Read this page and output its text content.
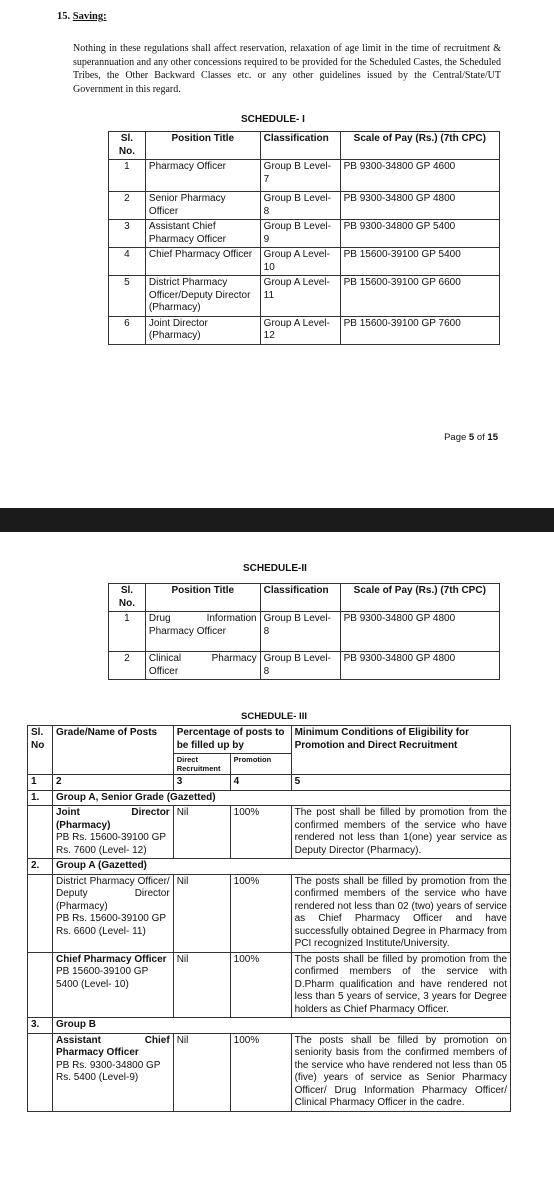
15. Saving:

Nothing in these regulations shall affect reservation, relaxation of age limit in the time of recruitment & superannuation and any other concessions required to be provided for the Scheduled Castes, the Scheduled Tribes, the Other Backward Classes etc. or any other guidelines issued by the Central/State/UT Government in this regard.

SCHEDULE- I
Sl. No.	Position Title	Classification	Scale of Pay (Rs.) (7th CPC)
1	Pharmacy Officer	Group B Level- 7	PB 9300-34800 GP 4600
2	Senior Pharmacy Officer	Group B Level- 8	PB 9300-34800 GP 4800
3	Assistant Chief Pharmacy Officer	Group B Level- 9	PB 9300-34800 GP 5400
4	Chief Pharmacy Officer	Group A Level- 10	PB 15600-39100 GP 5400
5	District Pharmacy Officer/Deputy Director (Pharmacy)	Group A Level- 11	PB 15600-39100 GP 6600
6	Joint Director (Pharmacy)	Group A Level- 12	PB 15600-39100 GP 7600
Page 5 of 15
SCHEDULE-II
Sl. No.	Position Title	Classification	Scale of Pay (Rs.) (7th CPC)
1	Drug Information Pharmacy Officer	Group B Level- 8	PB 9300-34800 GP 4800
2	Clinical Pharmacy Officer	Group B Level- 8	PB 9300-34800 GP 4800
SCHEDULE- III
Sl. No	Grade/Name of Posts	Percentage of posts to be filled up by		Minimum Conditions of Eligibility for Promotion and Direct Recruitment
		Direct Recruitment	Promotion	
1	2	3	4	5
1.	Group A, Senior Grade (Gazetted)			

	Joint Director (Pharmacy)
PB Rs. 15600-39100 GP Rs. 7600 (Level- 12)	Nil	100%	The post shall be filled by promotion from the confirmed members of the service who have rendered not less than 1(one) year service as Deputy Director (Pharmacy).
2.	Group A (Gazetted)			

	District Pharmacy Officer/ Deputy Director (Pharmacy)
PB Rs. 15600-39100 GP Rs. 6600 (Level- 11)	Nil	100%	The posts shall be filled by promotion from the confirmed members of the service who have rendered not less than 02 (two) years of service as Chief Pharmacy Officer and have successfully obtained Degree in Pharmacy from PCI recognized Institute/University.

	Chief Pharmacy Officer
PB 15600-39100 GP 5400 (Level- 10)	Nil	100%	The posts shall be filled by promotion from the confirmed members of the service with D.Pharm qualification and have rendered not less than 5 years of service, 3 years for Degree holders as Chief Pharmacy Officer.
3.	Group B			

	Assistant Chief Pharmacy Officer
PB Rs. 9300-34800 GP Rs. 5400 (Level-9)	Nil	100%	The posts shall be filled by promotion on seniority basis from the confirmed members of the service who have rendered not less than 05 (five) years of service as Senior Pharmacy Officer/ Drug Information Pharmacy Officer/ Clinical Pharmacy Officer in the cadre.
